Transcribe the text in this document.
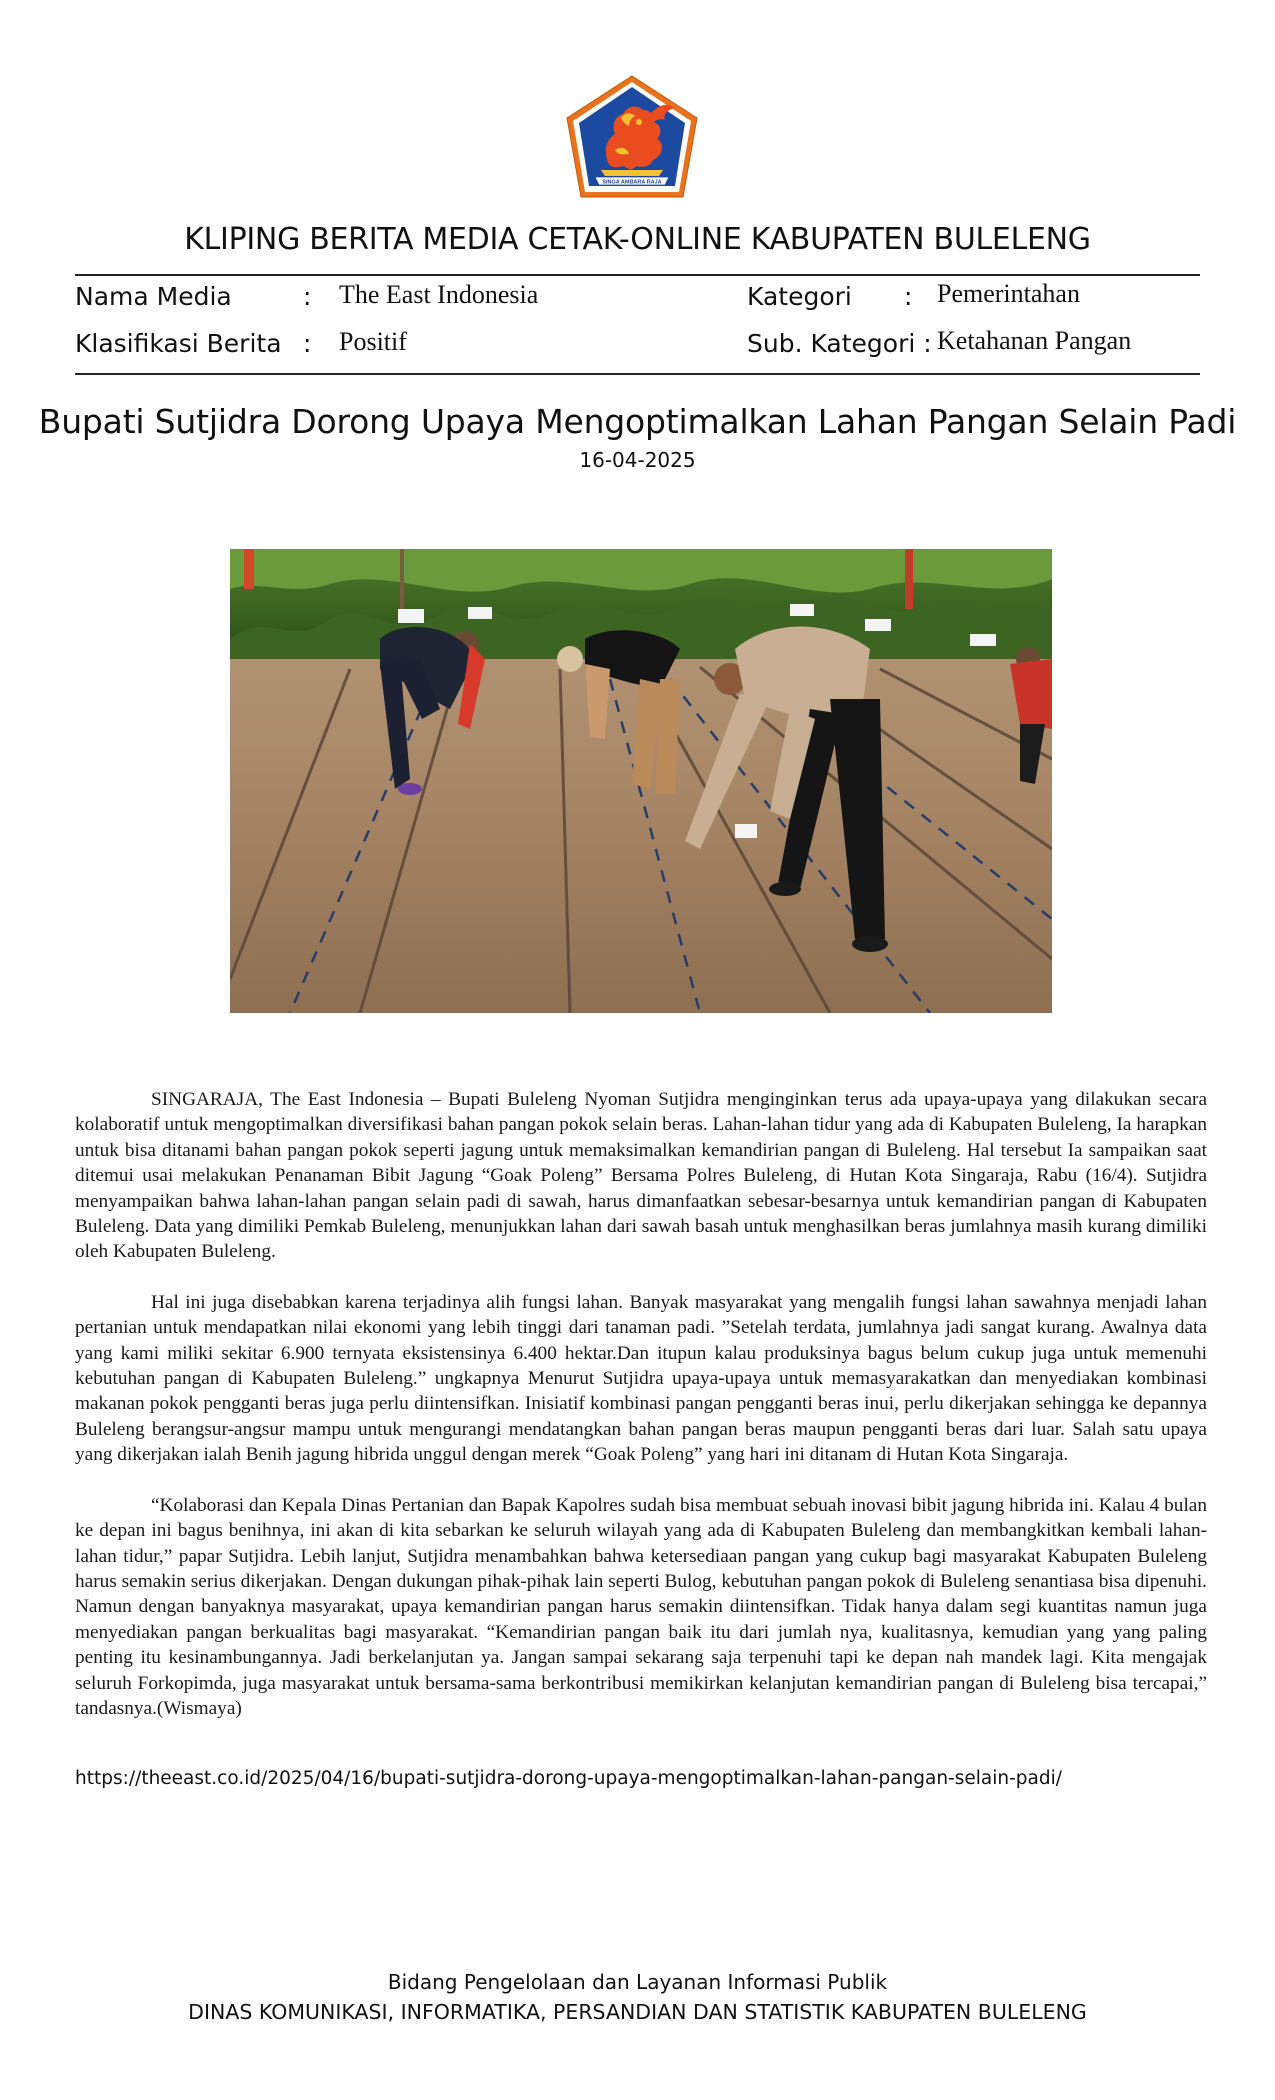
SINGA AMBARA RAJA
KLIPING BERITA MEDIA CETAK-ONLINE KABUPATEN BULELENG
Nama Media	: The East Indonesia	Kategori : Pemerintahan
Klasifikasi Berita : Positif	Sub. Kategori : Ketahanan Pangan
Bupati Sutjidra Dorong Upaya Mengoptimalkan Lahan Pangan Selain Padi
16-04-2025

SINGARAJA, The East Indonesia – Bupati Buleleng Nyoman Sutjidra menginginkan terus ada upaya-upaya yang dilakukan secara kolaboratif untuk mengoptimalkan diversifikasi bahan pangan pokok selain beras. Lahan-lahan tidur yang ada di Kabupaten Buleleng, Ia harapkan untuk bisa ditanami bahan pangan pokok seperti jagung untuk memaksimalkan kemandirian pangan di Buleleng. Hal tersebut Ia sampaikan saat ditemui usai melakukan Penanaman Bibit Jagung “Goak Poleng” Bersama Polres Buleleng, di Hutan Kota Singaraja, Rabu (16/4). Sutjidra menyampaikan bahwa lahan-lahan pangan selain padi di sawah, harus dimanfaatkan sebesar-besarnya untuk kemandirian pangan di Kabupaten Buleleng. Data yang dimiliki Pemkab Buleleng, menunjukkan lahan dari sawah basah untuk menghasilkan beras jumlahnya masih kurang dimiliki oleh Kabupaten Buleleng.

Hal ini juga disebabkan karena terjadinya alih fungsi lahan. Banyak masyarakat yang mengalih fungsi lahan sawahnya menjadi lahan pertanian untuk mendapatkan nilai ekonomi yang lebih tinggi dari tanaman padi. ”Setelah terdata, jumlahnya jadi sangat kurang. Awalnya data yang kami miliki sekitar 6.900 ternyata eksistensinya 6.400 hektar.Dan itupun kalau produksinya bagus belum cukup juga untuk memenuhi kebutuhan pangan di Kabupaten Buleleng.” ungkapnya Menurut Sutjidra upaya-upaya untuk memasyarakatkan dan menyediakan kombinasi makanan pokok pengganti beras juga perlu diintensifkan. Inisiatif kombinasi pangan pengganti beras inui, perlu dikerjakan sehingga ke depannya Buleleng berangsur-angsur mampu untuk mengurangi mendatangkan bahan pangan beras maupun pengganti beras dari luar. Salah satu upaya yang dikerjakan ialah Benih jagung hibrida unggul dengan merek “Goak Poleng” yang hari ini ditanam di Hutan Kota Singaraja.

“Kolaborasi dan Kepala Dinas Pertanian dan Bapak Kapolres sudah bisa membuat sebuah inovasi bibit jagung hibrida ini. Kalau 4 bulan ke depan ini bagus benihnya, ini akan di kita sebarkan ke seluruh wilayah yang ada di Kabupaten Buleleng dan membangkitkan kembali lahan-lahan tidur,” papar Sutjidra. Lebih lanjut, Sutjidra menambahkan bahwa ketersediaan pangan yang cukup bagi masyarakat Kabupaten Buleleng harus semakin serius dikerjakan. Dengan dukungan pihak-pihak lain seperti Bulog, kebutuhan pangan pokok di Buleleng senantiasa bisa dipenuhi. Namun dengan banyaknya masyarakat, upaya kemandirian pangan harus semakin diintensifkan. Tidak hanya dalam segi kuantitas namun juga menyediakan pangan berkualitas bagi masyarakat. “Kemandirian pangan baik itu dari jumlah nya, kualitasnya, kemudian yang yang paling penting itu kesinambungannya. Jadi berkelanjutan ya. Jangan sampai sekarang saja terpenuhi tapi ke depan nah mandek lagi. Kita mengajak seluruh Forkopimda, juga masyarakat untuk bersama-sama berkontribusi memikirkan kelanjutan kemandirian pangan di Buleleng bisa tercapai,” tandasnya.(Wismaya)

https://theeast.co.id/2025/04/16/bupati-sutjidra-dorong-upaya-mengoptimalkan-lahan-pangan-selain-padi/
Bidang Pengelolaan dan Layanan Informasi Publik
DINAS KOMUNIKASI, INFORMATIKA, PERSANDIAN DAN STATISTIK KABUPATEN BULELENG
